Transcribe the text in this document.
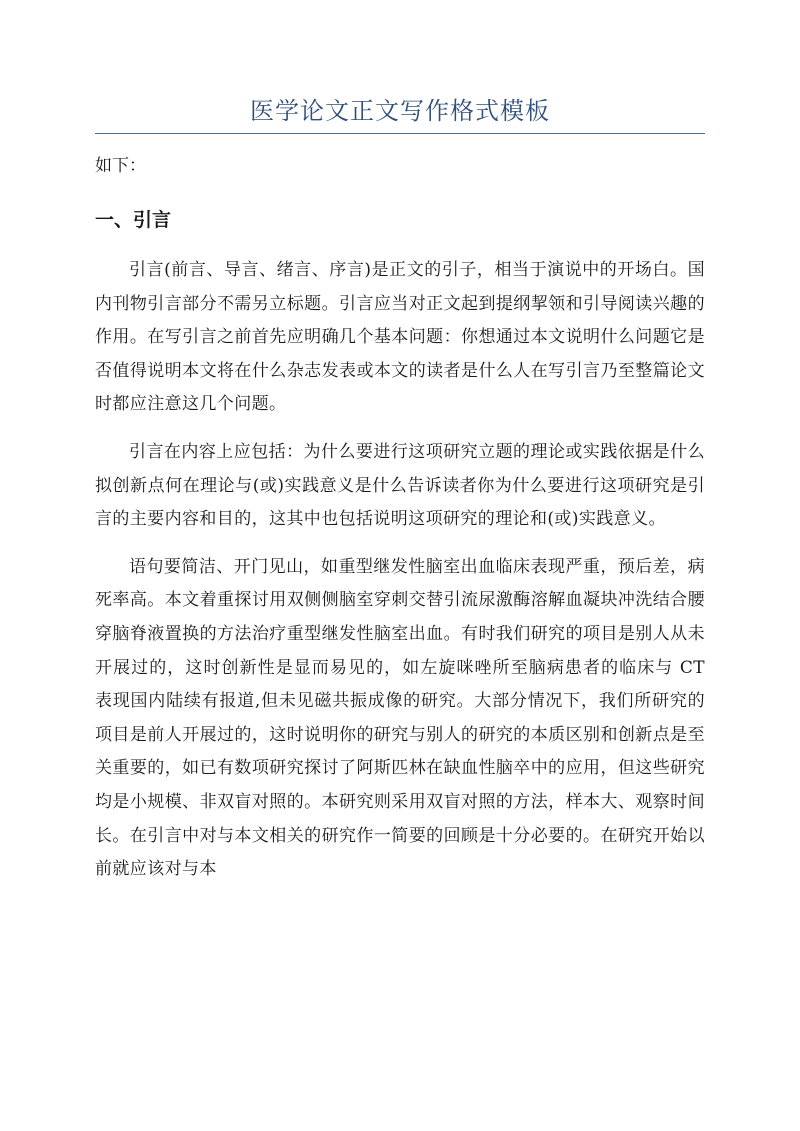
医学论文正文写作格式模板
如下：
一、引言

引言(前言、导言、绪言、序言)是正文的引子，相当于演说中的开场白。国内刊物引言部分不需另立标题。引言应当对正文起到提纲挈领和引导阅读兴趣的作用。在写引言之前首先应明确几个基本问题：你想通过本文说明什么问题它是否值得说明本文将在什么杂志发表或本文的读者是什么人在写引言乃至整篇论文时都应注意这几个问题。

引言在内容上应包括：为什么要进行这项研究立题的理论或实践依据是什么拟创新点何在理论与(或)实践意义是什么告诉读者你为什么要进行这项研究是引言的主要内容和目的，这其中也包括说明这项研究的理论和(或)实践意义。

语句要简洁、开门见山，如重型继发性脑室出血临床表现严重，预后差，病死率高。本文着重探讨用双侧侧脑室穿刺交替引流尿激酶溶解血凝块冲洗结合腰穿脑脊液置换的方法治疗重型继发性脑室出血。有时我们研究的项目是别人从未开展过的，这时创新性是显而易见的，如左旋咪唑所至脑病患者的临床与 CT 表现国内陆续有报道,但未见磁共振成像的研究。大部分情况下，我们所研究的项目是前人开展过的，这时说明你的研究与别人的研究的本质区别和创新点是至关重要的，如已有数项研究探讨了阿斯匹林在缺血性脑卒中的应用，但这些研究均是小规模、非双盲对照的。本研究则采用双盲对照的方法，样本大、观察时间长。在引言中对与本文相关的研究作一简要的回顾是十分必要的。在研究开始以前就应该对与本
